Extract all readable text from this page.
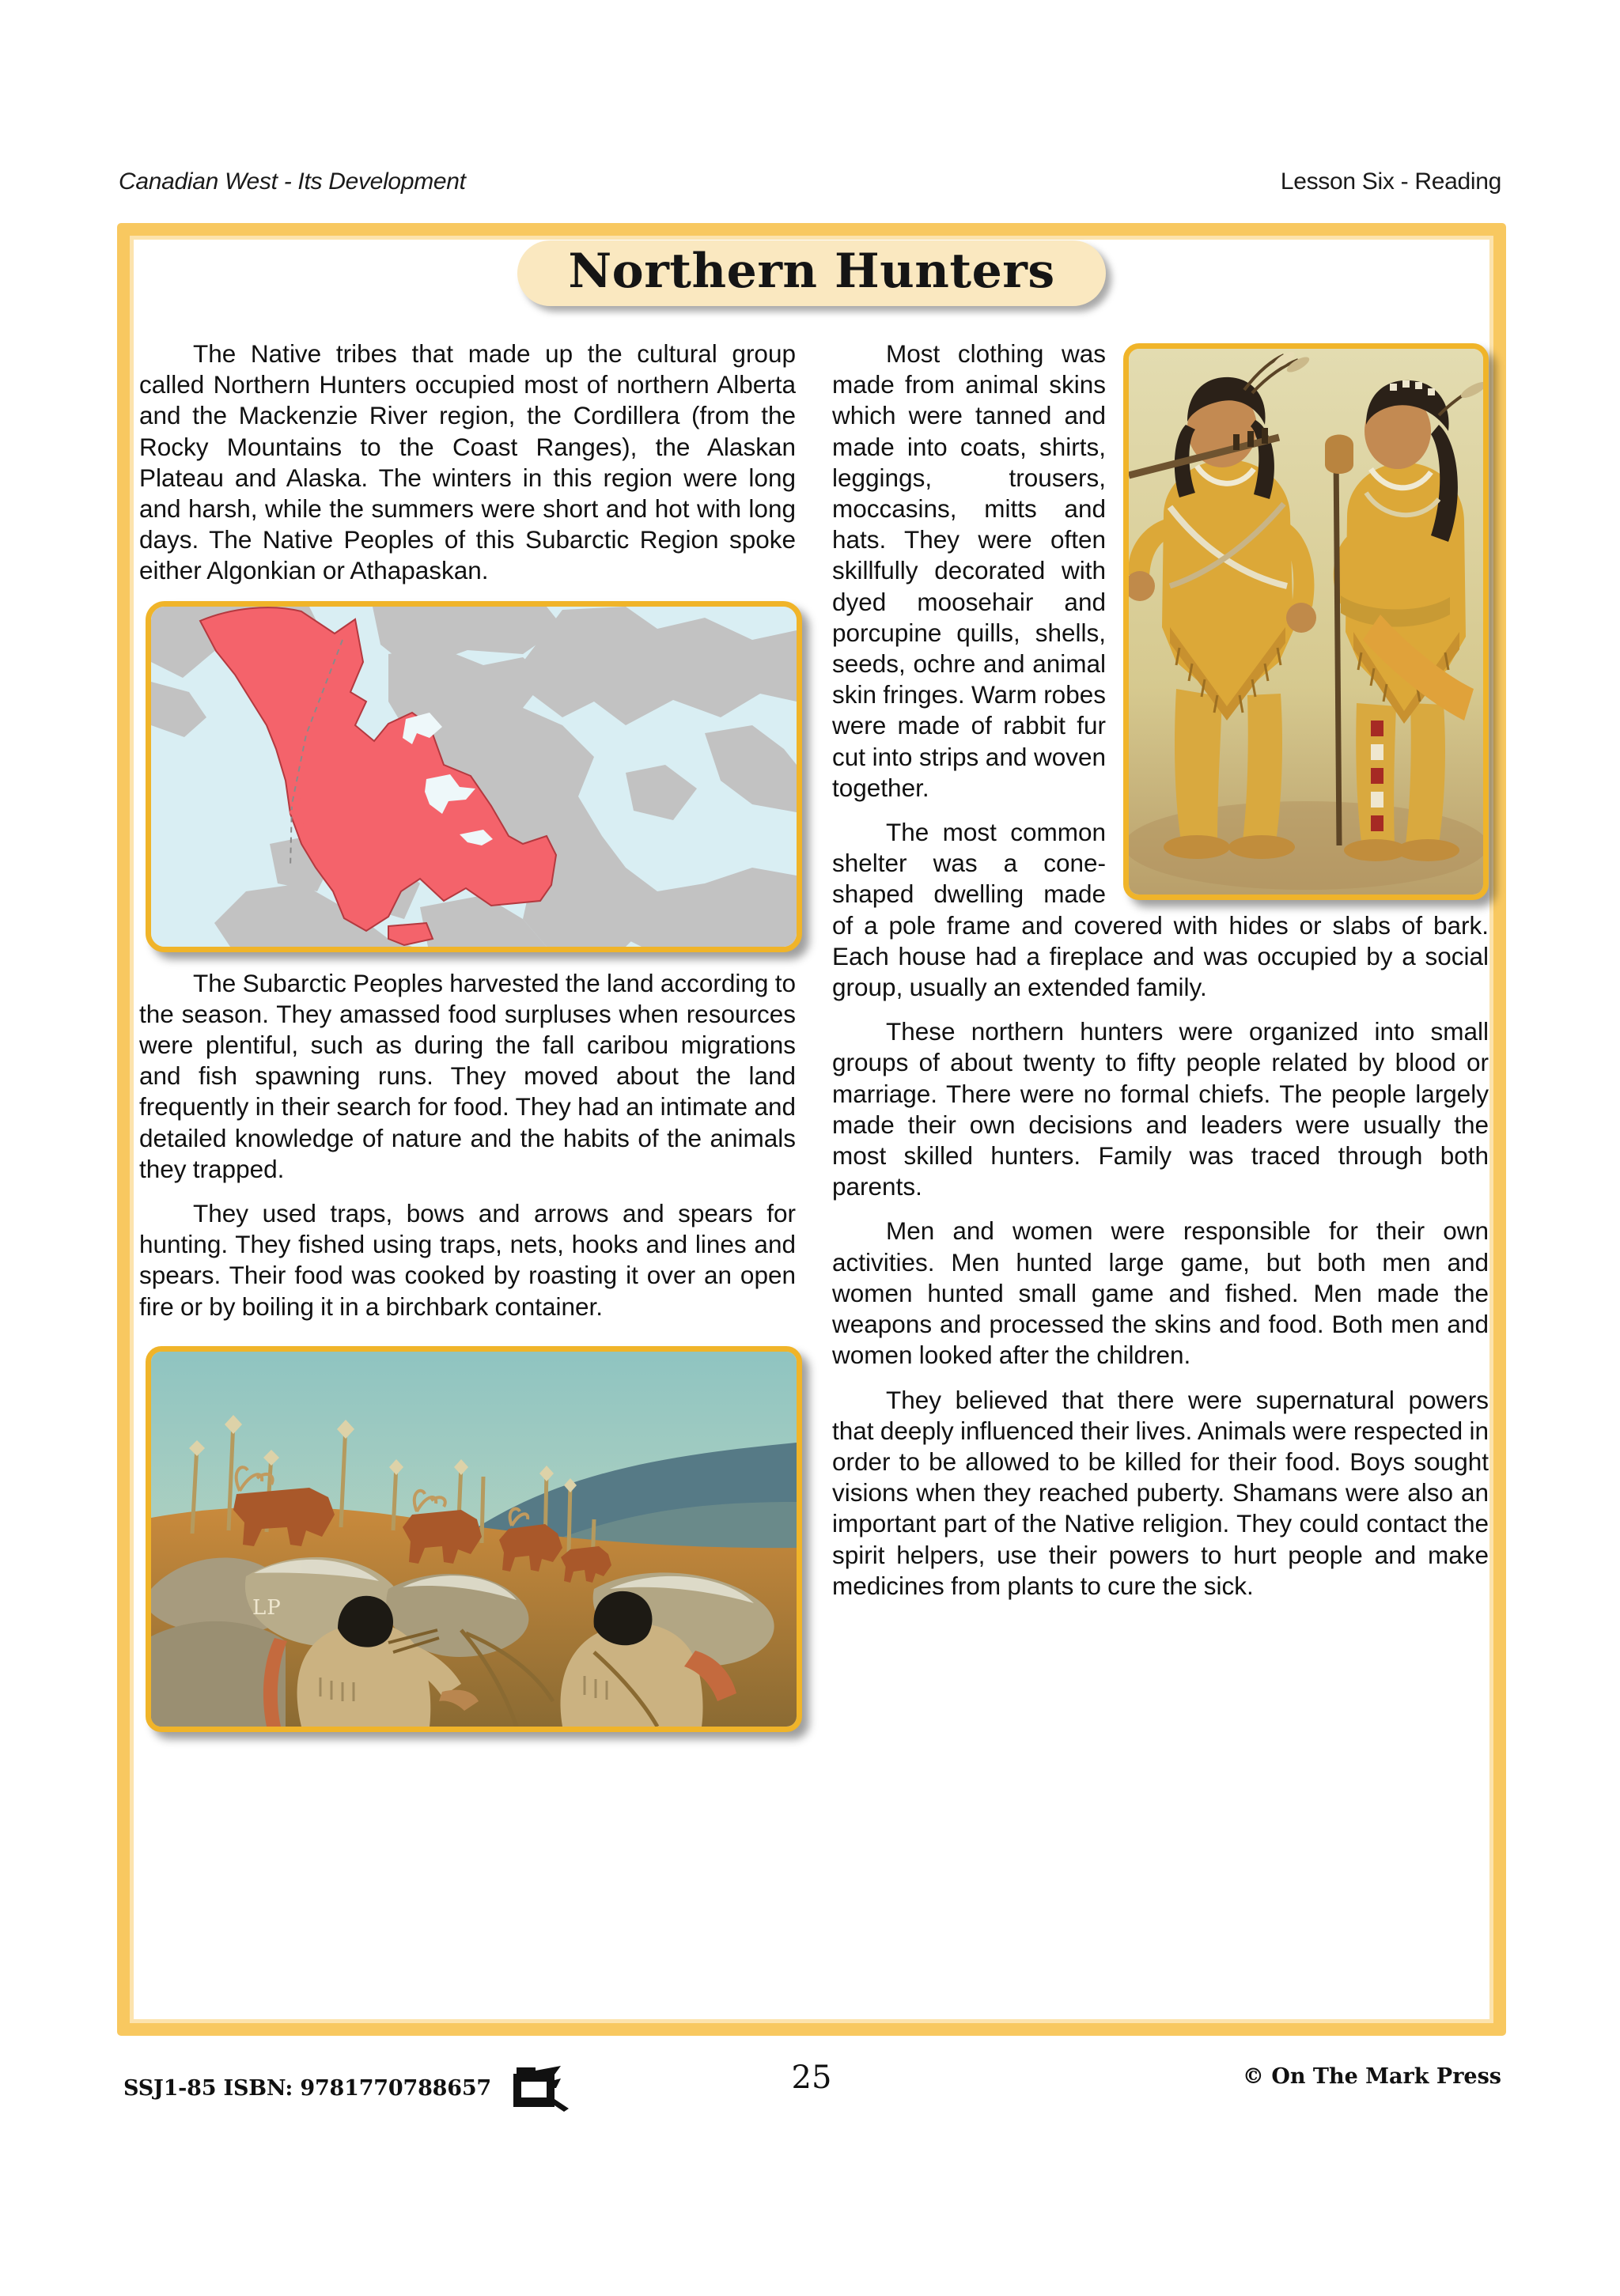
Canadian West - Its Development	Lesson Six - Reading
Northern Hunters

The Native tribes that made up the cultural group called Northern Hunters occupied most of northern Alberta and the Mackenzie River region, the Cordillera (from the Rocky Mountains to the Coast Ranges), the Alaskan Plateau and Alaska. The winters in this region were long and harsh, while the summers were short and hot with long days. The Native Peoples of this Subarctic Region spoke either Algonkian or Athapaskan.

The Subarctic Peoples harvested the land according to the season. They amassed food surpluses when resources were plentiful, such as during the fall caribou migrations and fish spawning runs. They moved about the land frequently in their search for food. They had an intimate and detailed knowledge of nature and the habits of the animals they trapped.

They used traps, bows and arrows and spears for hunting. They fished using traps, nets, hooks and lines and spears. Their food was cooked by roasting it over an open fire or by boiling it in a birchbark container.

LP

Most clothing was made from animal skins which were tanned and made into coats, shirts, leggings, trousers, moccasins, mitts and hats. They were often skillfully decorated with dyed moosehair and porcupine quills, shells, seeds, ochre and animal skin fringes. Warm robes were made of rabbit fur cut into strips and woven together.

The most common shelter was a cone-shaped dwelling made of a pole frame and covered with hides or slabs of bark. Each house had a fireplace and was occupied by a social group, usually an extended family.

These northern hunters were organized into small groups of about twenty to fifty people related by blood or marriage. There were no formal chiefs. The people largely made their own decisions and leaders were usually the most skilled hunters. Family was traced through both parents.

Men and women were responsible for their own activities. Men hunted large game, but both men and women hunted small game and fished. Men made the weapons and processed the skins and food. Both men and women looked after the children.

They believed that there were supernatural powers that deeply influenced their lives. Animals were respected in order to be allowed to be killed for their food. Boys sought visions when they reached puberty. Shamans were also an important part of the Native religion. They could contact the spirit helpers, use their powers to hurt people and make medicines from plants to cure the sick.

SSJ1-85 ISBN: 9781770788657	25	© On The Mark Press
